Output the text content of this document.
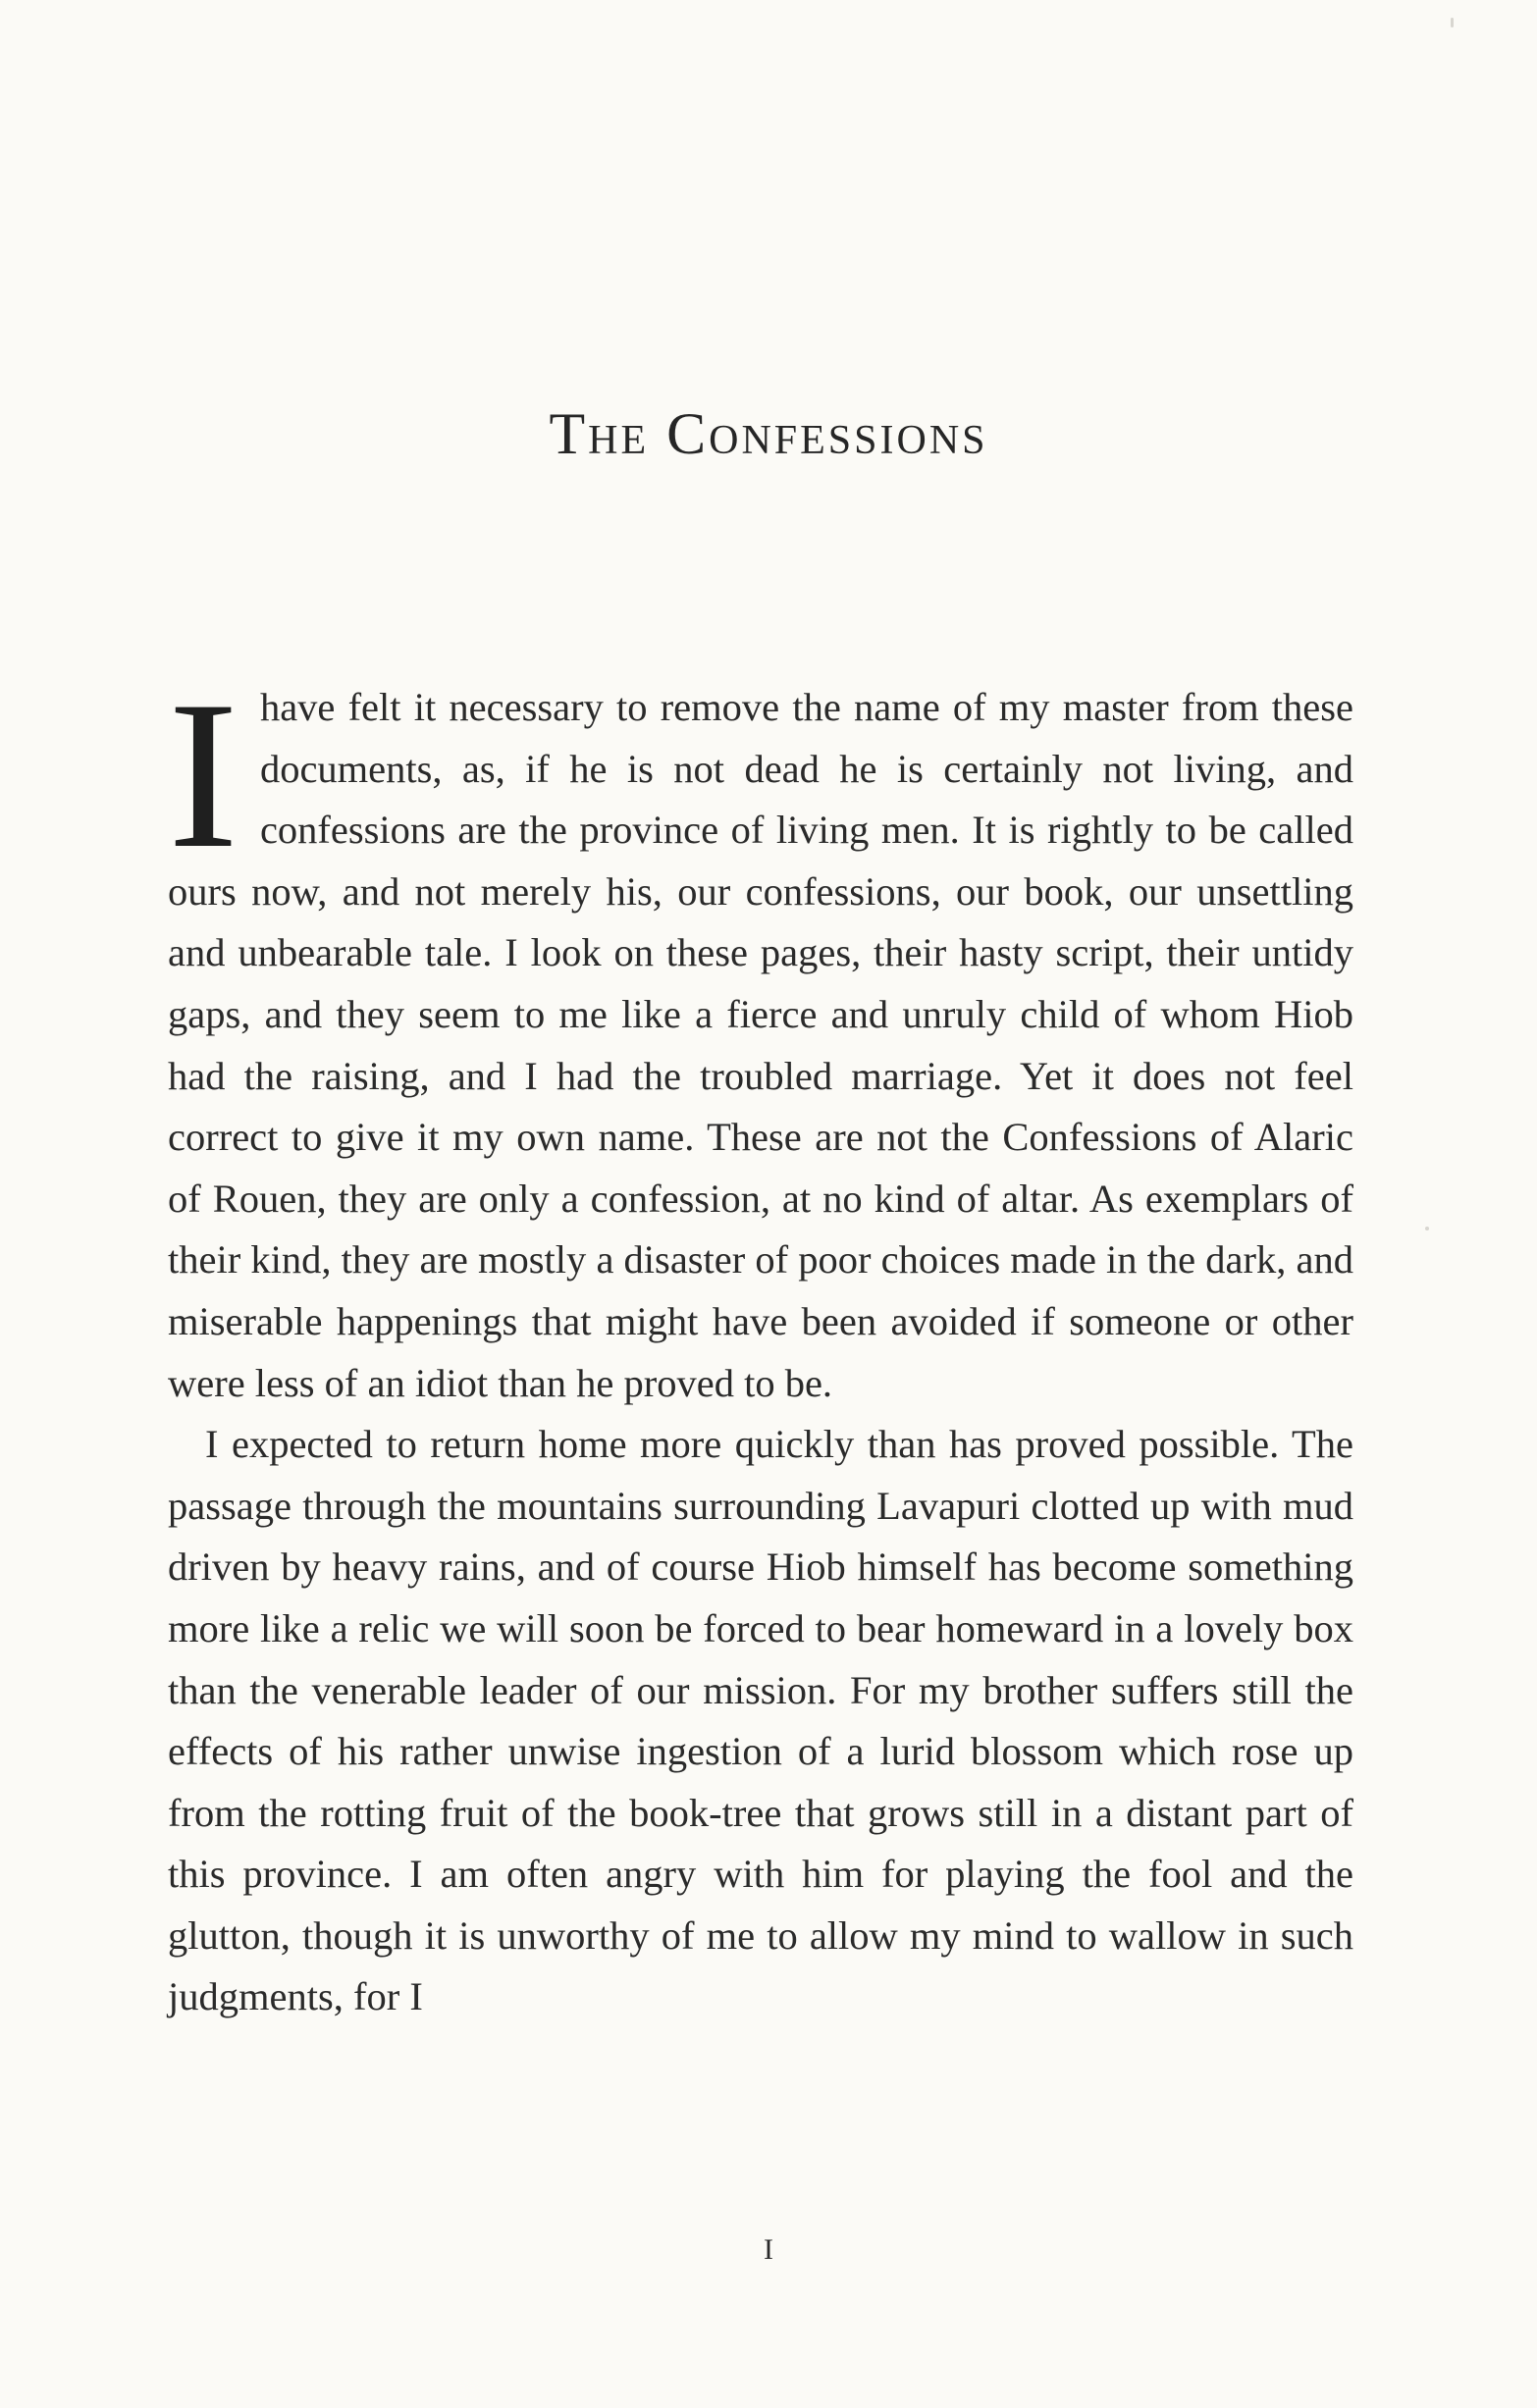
The Confessions

Ihave felt it necessary to remove the name of my master from these documents, as, if he is not dead he is certainly not living, and confessions are the province of living men. It is rightly to be called ours now, and not merely his, our confessions, our book, our unsettling and unbearable tale. I look on these pages, their hasty script, their untidy gaps, and they seem to me like a fierce and unruly child of whom Hiob had the raising, and I had the troubled marriage. Yet it does not feel correct to give it my own name. These are not the Confessions of Alaric of Rouen, they are only a confession, at no kind of altar. As exemplars of their kind, they are mostly a disaster of poor choices made in the dark, and miserable happenings that might have been avoided if someone or other were less of an idiot than he proved to be.

I expected to return home more quickly than has proved possible. The passage through the mountains surrounding Lavapuri clotted up with mud driven by heavy rains, and of course Hiob himself has become something more like a relic we will soon be forced to bear homeward in a lovely box than the venerable leader of our mission. For my brother suffers still the effects of his rather unwise ingestion of a lurid blossom which rose up from the rotting fruit of the book-tree that grows still in a distant part of this province. I am often angry with him for playing the fool and the glutton, though it is unworthy of me to allow my mind to wallow in such judgments, for I

I
